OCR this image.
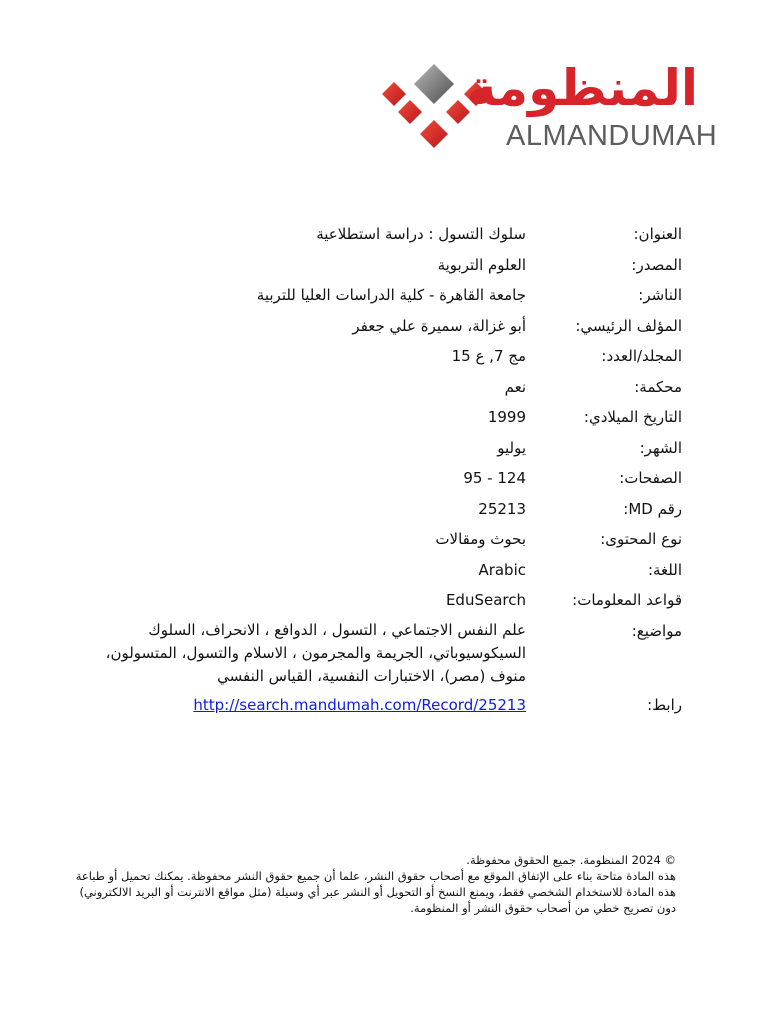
المنظومة
ALMANDUMAH
العنوان:
سلوك التسول : دراسة استطلاعية
المصدر:
العلوم التربوية
الناشر:
جامعة القاهرة - كلية الدراسات العليا للتربية
المؤلف الرئيسي:
أبو غزالة، سميرة علي جعفر
المجلد/العدد:
مج 7, ع 15
محكمة:
نعم
التاريخ الميلادي:
1999
الشهر:
يوليو
الصفحات:
95 - 124
رقم MD:
25213
نوع المحتوى:
بحوث ومقالات
اللغة:
Arabic
قواعد المعلومات:
EduSearch
مواضيع:
علم النفس الاجتماعي ، التسول ، الدوافع ، الانحراف، السلوك السيكوسيوباتي، الجريمة والمجرمون ، الاسلام والتسول، المتسولون، منوف (مصر)، الاختبارات النفسية، القياس النفسي
رابط:
http://search.mandumah.com/Record/25213
© 2024 المنظومة. جميع الحقوق محفوظة.
هذه المادة متاحة بناء على الإتفاق الموقع مع أصحاب حقوق النشر، علما أن جميع حقوق النشر محفوظة. يمكنك تحميل أو طباعة هذه المادة للاستخدام الشخصي فقط، ويمنع النسخ أو التحويل أو النشر عبر أي وسيلة (مثل مواقع الانترنت أو البريد الالكتروني) دون تصريح خطي من أصحاب حقوق النشر أو المنظومة.
